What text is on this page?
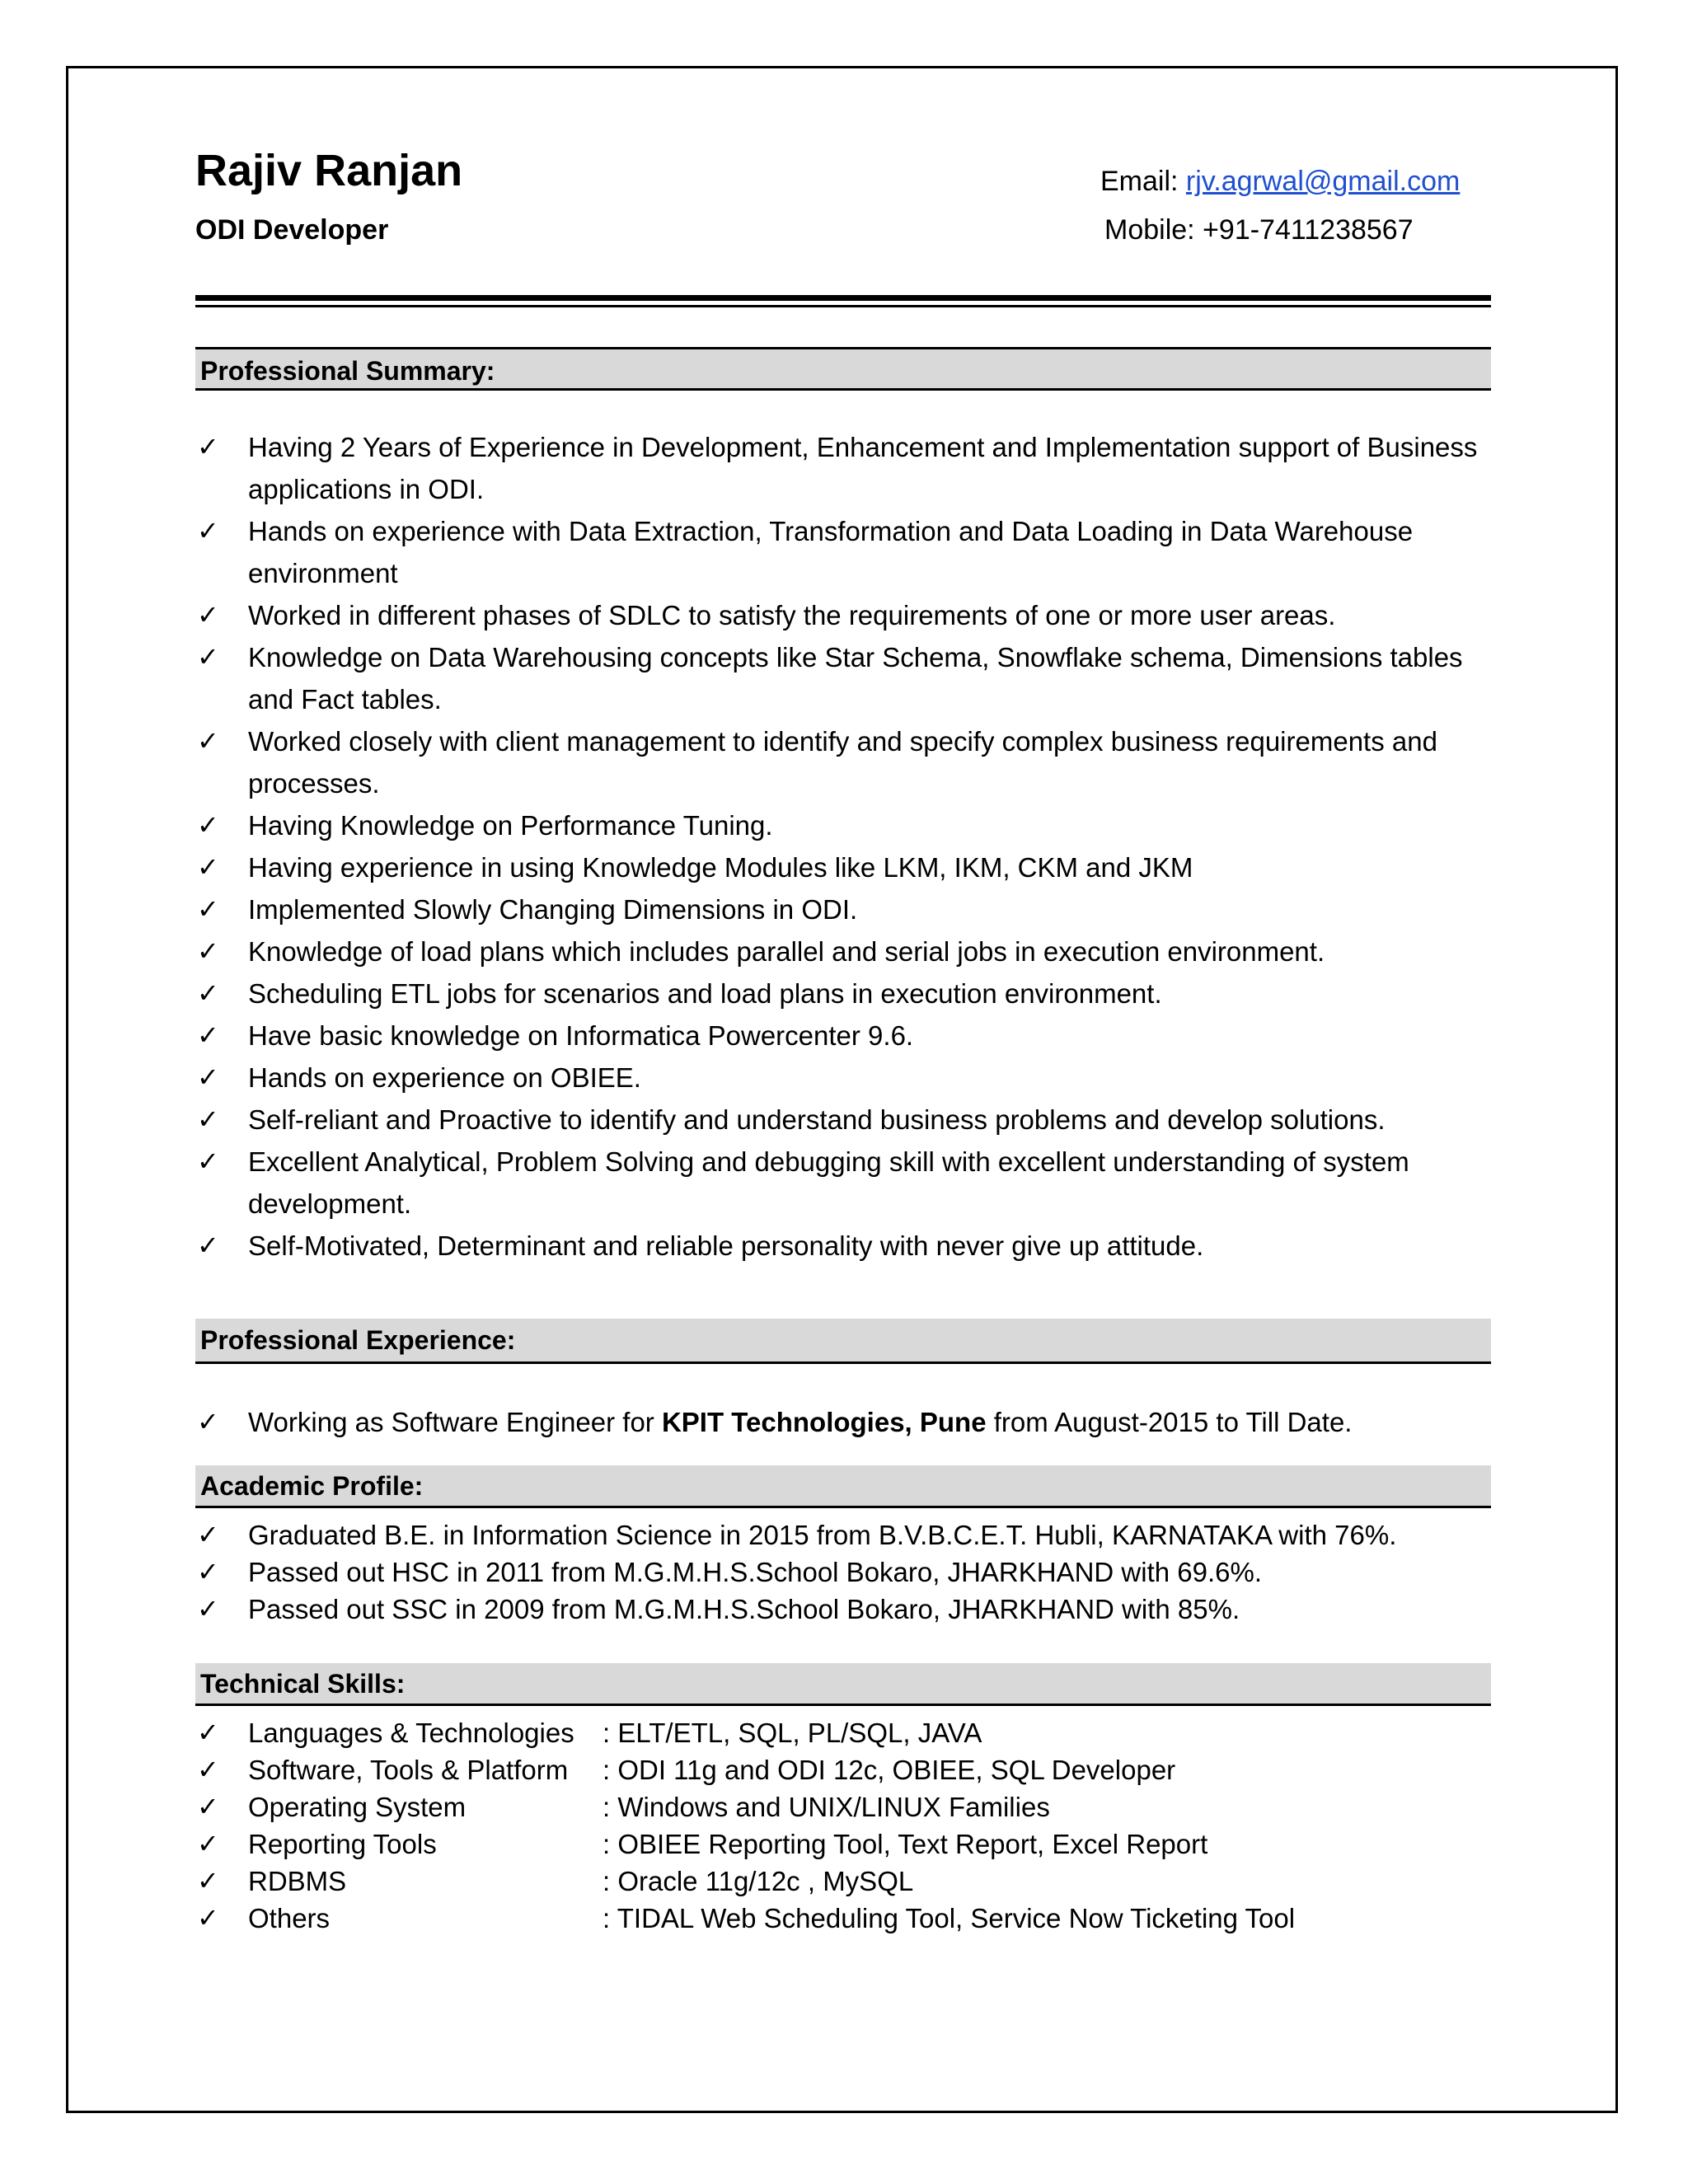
Rajiv Ranjan
ODI Developer
Email: rjv.agrwal@gmail.com
Mobile: +91-7411238567
Professional Summary:
✓ Having 2 Years of Experience in Development, Enhancement and Implementation support of Business applications in ODI.
✓ Hands on experience with Data Extraction, Transformation and Data Loading in Data Warehouse environment
✓ Worked in different phases of SDLC to satisfy the requirements of one or more user areas.
✓ Knowledge on Data Warehousing concepts like Star Schema, Snowflake schema, Dimensions tables and Fact tables.
✓ Worked closely with client management to identify and specify complex business requirements and processes.
✓ Having Knowledge on Performance Tuning.
✓ Having experience in using Knowledge Modules like LKM, IKM, CKM and JKM
✓ Implemented Slowly Changing Dimensions in ODI.
✓ Knowledge of load plans which includes parallel and serial jobs in execution environment.
✓ Scheduling ETL jobs for scenarios and load plans in execution environment.
✓ Have basic knowledge on Informatica Powercenter 9.6.
✓ Hands on experience on OBIEE.
✓ Self-reliant and Proactive to identify and understand business problems and develop solutions.
✓ Excellent Analytical, Problem Solving and debugging skill with excellent understanding of system development.
✓ Self-Motivated, Determinant and reliable personality with never give up attitude.
Professional Experience:
✓ Working as Software Engineer for KPIT Technologies, Pune from August-2015 to Till Date.
Academic Profile:
✓ Graduated B.E. in Information Science in 2015 from B.V.B.C.E.T. Hubli, KARNATAKA with 76%.
✓ Passed out HSC in 2011 from M.G.M.H.S.School Bokaro, JHARKHAND with 69.6%.
✓ Passed out SSC in 2009 from M.G.M.H.S.School Bokaro, JHARKHAND with 85%.
Technical Skills:
✓ Languages & Technologies : ELT/ETL, SQL, PL/SQL, JAVA
✓ Software, Tools & Platform : ODI 11g and ODI 12c, OBIEE, SQL Developer
✓ Operating System	: Windows and UNIX/LINUX Families
✓ Reporting Tools	: OBIEE Reporting Tool, Text Report, Excel Report
✓ RDBMS	: Oracle 11g/12c , MySQL
✓ Others	: TIDAL Web Scheduling Tool, Service Now Ticketing Tool
